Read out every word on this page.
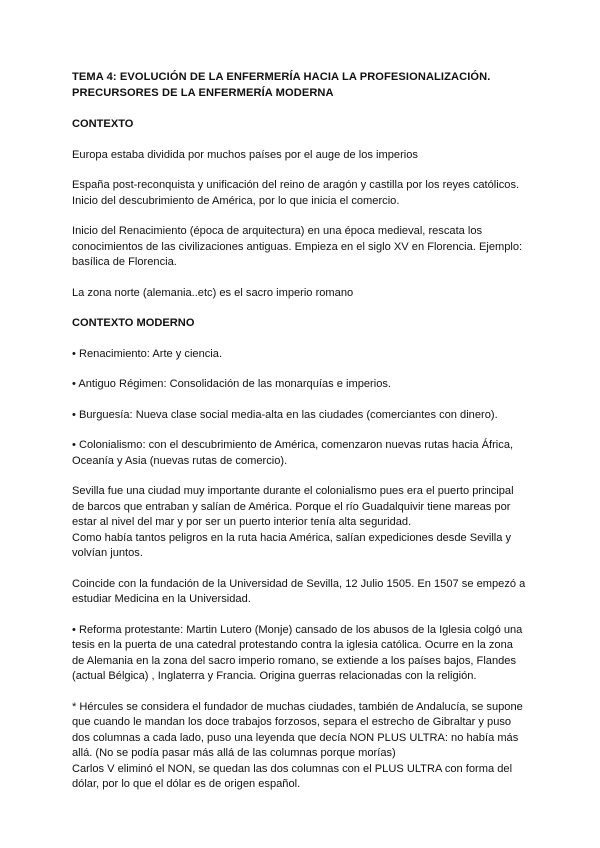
TEMA 4: EVOLUCIÓN DE LA ENFERMERÍA HACIA LA PROFESIONALIZACIÓN.
PRECURSORES DE LA ENFERMERÍA MODERNA
CONTEXTO

Europa estaba dividida por muchos países por el auge de los imperios

España post-reconquista y unificación del reino de aragón y castilla por los reyes católicos.
Inicio del descubrimiento de América, por lo que inicia el comercio.

Inicio del Renacimiento (época de arquitectura) en una época medieval, rescata los
conocimientos de las civilizaciones antiguas. Empieza en el siglo XV en Florencia. Ejemplo:
basílica de Florencia.

La zona norte (alemania..etc) es el sacro imperio romano

CONTEXTO MODERNO

• Renacimiento: Arte y ciencia.

• Antiguo Régimen: Consolidación de las monarquías e imperios.

• Burguesía: Nueva clase social media-alta en las ciudades (comerciantes con dinero).

• Colonialismo: con el descubrimiento de América, comenzaron nuevas rutas hacia África,
Oceanía y Asia (nuevas rutas de comercio).

Sevilla fue una ciudad muy importante durante el colonialismo pues era el puerto principal
de barcos que entraban y salían de América. Porque el río Guadalquivir tiene mareas por
estar al nivel del mar y por ser un puerto interior tenía alta seguridad.
Como había tantos peligros en la ruta hacia América, salían expediciones desde Sevilla y
volvían juntos.

Coincide con la fundación de la Universidad de Sevilla, 12 Julio 1505. En 1507 se empezó a
estudiar Medicina en la Universidad.

• Reforma protestante: Martin Lutero (Monje) cansado de los abusos de la Iglesia colgó una
tesis en la puerta de una catedral protestando contra la iglesia católica. Ocurre en la zona
de Alemania en la zona del sacro imperio romano, se extiende a los países bajos, Flandes
(actual Bélgica) , Inglaterra y Francia. Origina guerras relacionadas con la religión.

* Hércules se considera el fundador de muchas ciudades, también de Andalucía, se supone
que cuando le mandan los doce trabajos forzosos, separa el estrecho de Gibraltar y puso
dos columnas a cada lado, puso una leyenda que decía NON PLUS ULTRA: no había más
allá. (No se podía pasar más allá de las columnas porque morías)
Carlos V eliminó el NON, se quedan las dos columnas con el PLUS ULTRA con forma del
dólar, por lo que el dólar es de origen español.
